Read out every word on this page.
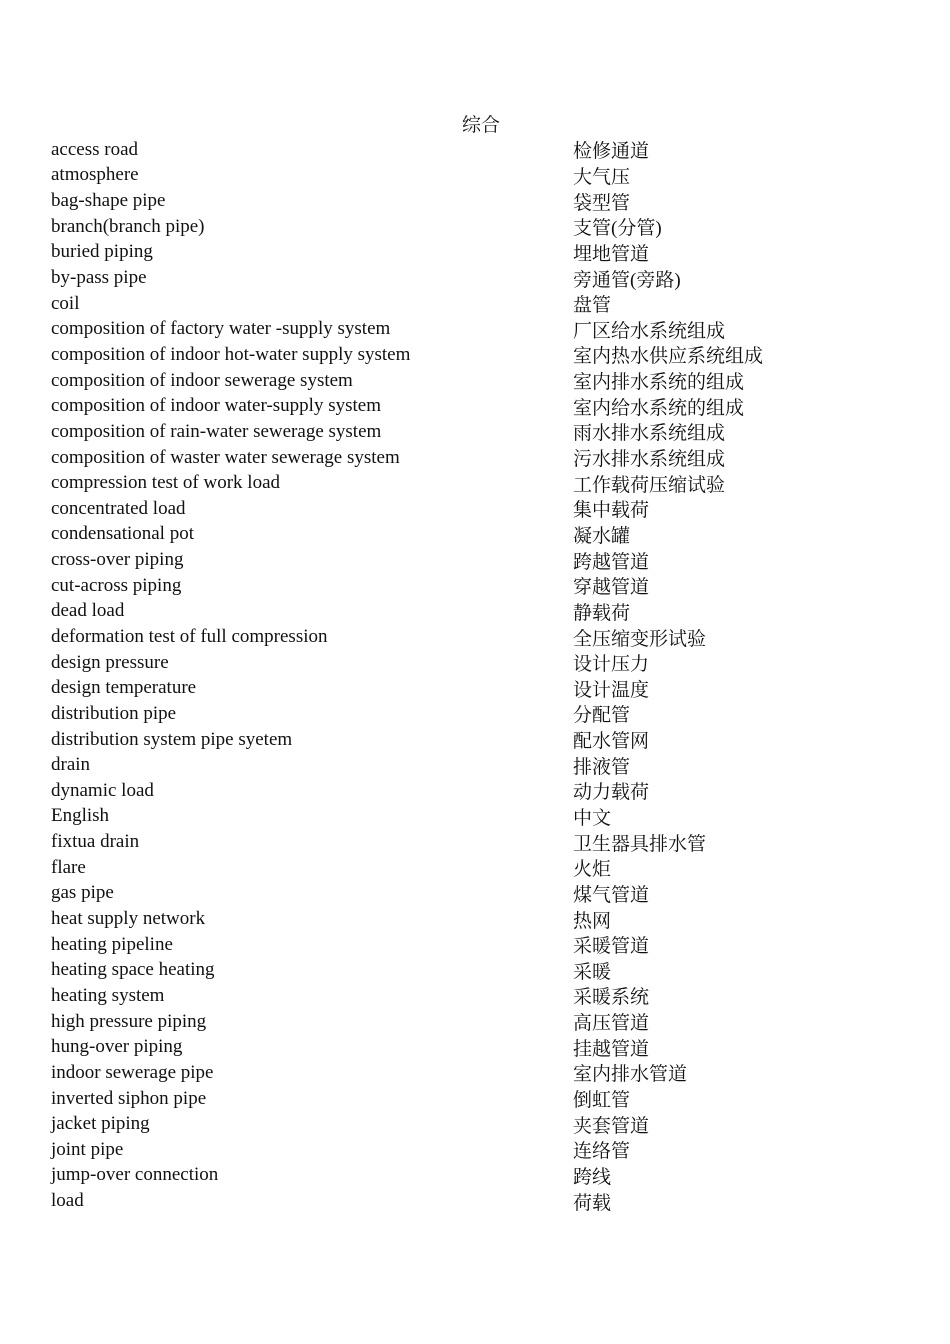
综合
access road	检修通道
atmosphere	大气压
bag-shape pipe	袋型管
branch(branch pipe)	支管(分管)
buried piping	埋地管道
by-pass pipe	旁通管(旁路)
coil	盘管
composition of factory water -supply system	厂区给水系统组成
composition of indoor hot-water supply system	室内热水供应系统组成
composition of indoor sewerage system	室内排水系统的组成
composition of indoor water-supply system	室内给水系统的组成
composition of rain-water sewerage system	雨水排水系统组成
composition of waster water sewerage system	污水排水系统组成
compression test of work load	工作载荷压缩试验
concentrated load	集中载荷
condensational pot	凝水罐
cross-over piping	跨越管道
cut-across piping	穿越管道
dead load	静载荷
deformation test of full compression	全压缩变形试验
design pressure	设计压力
design temperature	设计温度
distribution pipe	分配管
distribution system pipe syetem	配水管网
drain	排液管
dynamic load	动力载荷
English	中文
fixtua drain	卫生器具排水管
flare	火炬
gas pipe	煤气管道
heat supply network	热网
heating pipeline	采暖管道
heating space heating	采暖
heating system	采暖系统
high pressure piping	高压管道
hung-over piping	挂越管道
indoor sewerage pipe	室内排水管道
inverted siphon pipe	倒虹管
jacket piping	夹套管道
joint pipe	连络管
jump-over connection	跨线
load	荷载
